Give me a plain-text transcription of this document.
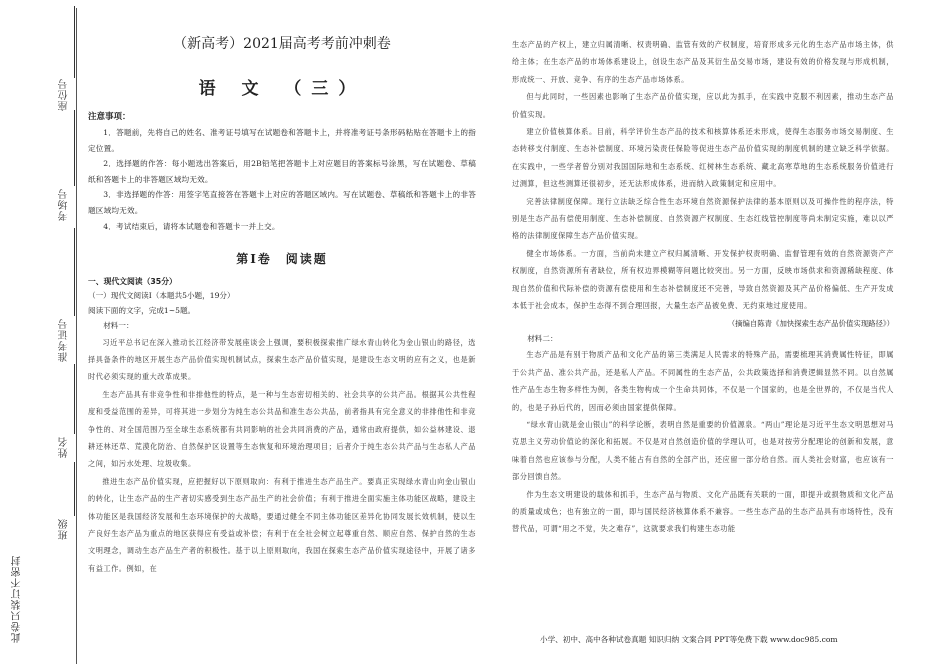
座位号
考场号
准考证号
姓名
班级
此卷只装订不密封
（新高考）2021届高考考前冲刺卷
语 文 （三）
注意事项：

1．答题前，先将自己的姓名、准考证号填写在试题卷和答题卡上，并将准考证号条形码粘贴在答题卡上的指定位置。

2．选择题的作答：每小题选出答案后，用2B铅笔把答题卡上对应题目的答案标号涂黑，写在试题卷、草稿纸和答题卡上的非答题区域均无效。

3．非选择题的作答：用签字笔直接答在答题卡上对应的答题区域内。写在试题卷、草稿纸和答题卡上的非答题区域均无效。

4．考试结束后，请将本试题卷和答题卡一并上交。

第Ⅰ卷　阅读题
一、现代文阅读（35分）
（一）现代文阅读Ⅰ（本题共5小题，19分）
阅读下面的文字，完成1~5题。
材料一：

习近平总书记在深入推动长江经济带发展座谈会上强调，要积极探索推广绿水青山转化为金山银山的路径，选择具备条件的地区开展生态产品价值实现机制试点，探索生态产品价值实现，是建设生态文明的应有之义，也是新时代必须实现的重大改革成果。

生态产品具有非竞争性和非排他性的特点，是一种与生态密切相关的、社会共享的公共产品。根据其公共性程度和受益范围的差异，可将其进一步划分为纯生态公共品和准生态公共品，前者指具有完全意义的非排他性和非竞争性的、对全国范围乃至全球生态系统都有共同影响的社会共同消费的产品，通常由政府提供，如公益林建设、退耕还林还草、荒漠化防治、自然保护区设置等生态恢复和环境治理项目；后者介于纯生态公共产品与生态私人产品之间，如污水处理、垃圾收集。

推进生态产品价值实现，应把握好以下原则取向：有利于推进生态产品生产。要真正实现绿水青山向金山银山的转化，让生态产品的生产者切实感受到生态产品生产的社会价值；有利于推进全面实施主体功能区战略，建设主体功能区是我国经济发展和生态环境保护的大战略，要通过健全不同主体功能区差异化协同发展长效机制，使以生产良好生态产品为重点的地区获得应有受益或补偿；有利于在全社会树立起尊重自然、顺应自然、保护自然的生态文明理念，调动生态产品生产者的积极性。基于以上原则取向，我国在探索生态产品价值实现途径中，开展了诸多有益工作。例如，在

生态产品的产权上，建立归属清晰、权责明确、监管有效的产权制度，培育形成多元化的生态产品市场主体，供给主体；在生态产品的市场体系建设上，创设生态产品及其衍生品交易市场，建设有效的价格发现与形成机制，形成统一、开放、竞争、有序的生态产品市场体系。

但与此同时，一些因素也影响了生态产品价值实现，应以此为抓手，在实践中克服不利因素，推动生态产品价值实现。

建立价值核算体系。目前，科学评价生态产品的技术和核算体系还未形成，使得生态服务市场交易制度、生态转移支付制度、生态补偿制度、环境污染责任保险等促进生态产品价值实现的制度机制的建立缺乏科学依据。在实践中，一些学者曾分别对我国国际地和生态系统、红树林生态系统、藏北高寒草地的生态系统服务价值进行过测算，但这些测算还很初步，还无法形成体系，进而纳入政策制定和应用中。

完善法律制度保障。现行立法缺乏综合性生态环境自然资源保护法律的基本原则以及可操作性的程序法，特别是生态产品有偿使用制度、生态补偿制度、自然资源产权制度、生态红线管控制度等尚未制定实施，难以以严格的法律制度保障生态产品价值实现。

健全市场体系。一方面，当前尚未建立产权归属清晰、开发保护权责明确、监督管理有效的自然资源资产产权制度，自然资源所有者缺位，所有权边界模糊等问题比较突出。另一方面，反映市场供求和资源稀缺程度、体现自然价值和代际补偿的资源有偿使用和生态补偿制度还不完善，导致自然资源及其产品价格偏低、生产开发成本低于社会成本，保护生态得不到合理回报，大量生态产品被免费、无约束地过度使用。

（摘编自陈青《加快探索生态产品价值实现路径》）

材料二：

生态产品是有别于物质产品和文化产品的第三类满足人民需求的特殊产品，需要梳理其消费属性特征，即属于公共产品、准公共产品，还是私人产品。不同属性的生态产品，公共政策选择和消费逻辑显然不同。以自然属性产品生态生物多样性为例，各类生物构成一个生命共同体，不仅是一个国家的，也是全世界的，不仅是当代人的，也是子孙后代的，因而必须由国家提供保障。

“绿水青山就是金山银山”的科学论断，表明自然是重要的价值源泉。“两山”理论是习近平生态文明思想对马克思主义劳动价值论的深化和拓展。不仅是对自然创造价值的学理认可，也是对按劳分配理论的创新和发展，意味着自然也应该参与分配，人类不能占有自然的全部产出，还应留一部分给自然。而人类社会财富，也应该有一部分回馈自然。

作为生态文明建设的载体和抓手，生态产品与物质、文化产品既有关联的一面，即提升或损物质和文化产品的质量或成色；也有独立的一面，即与国民经济核算体系不兼容。一些生态产品的生态产品具有市场特性，没有替代品，可谓“用之不觉，失之难存”，这就要求我们构建生态功能

小学、初中、高中各种试卷真题 知识归纳 文案合同 PPT等免费下载 www.doc985.com
